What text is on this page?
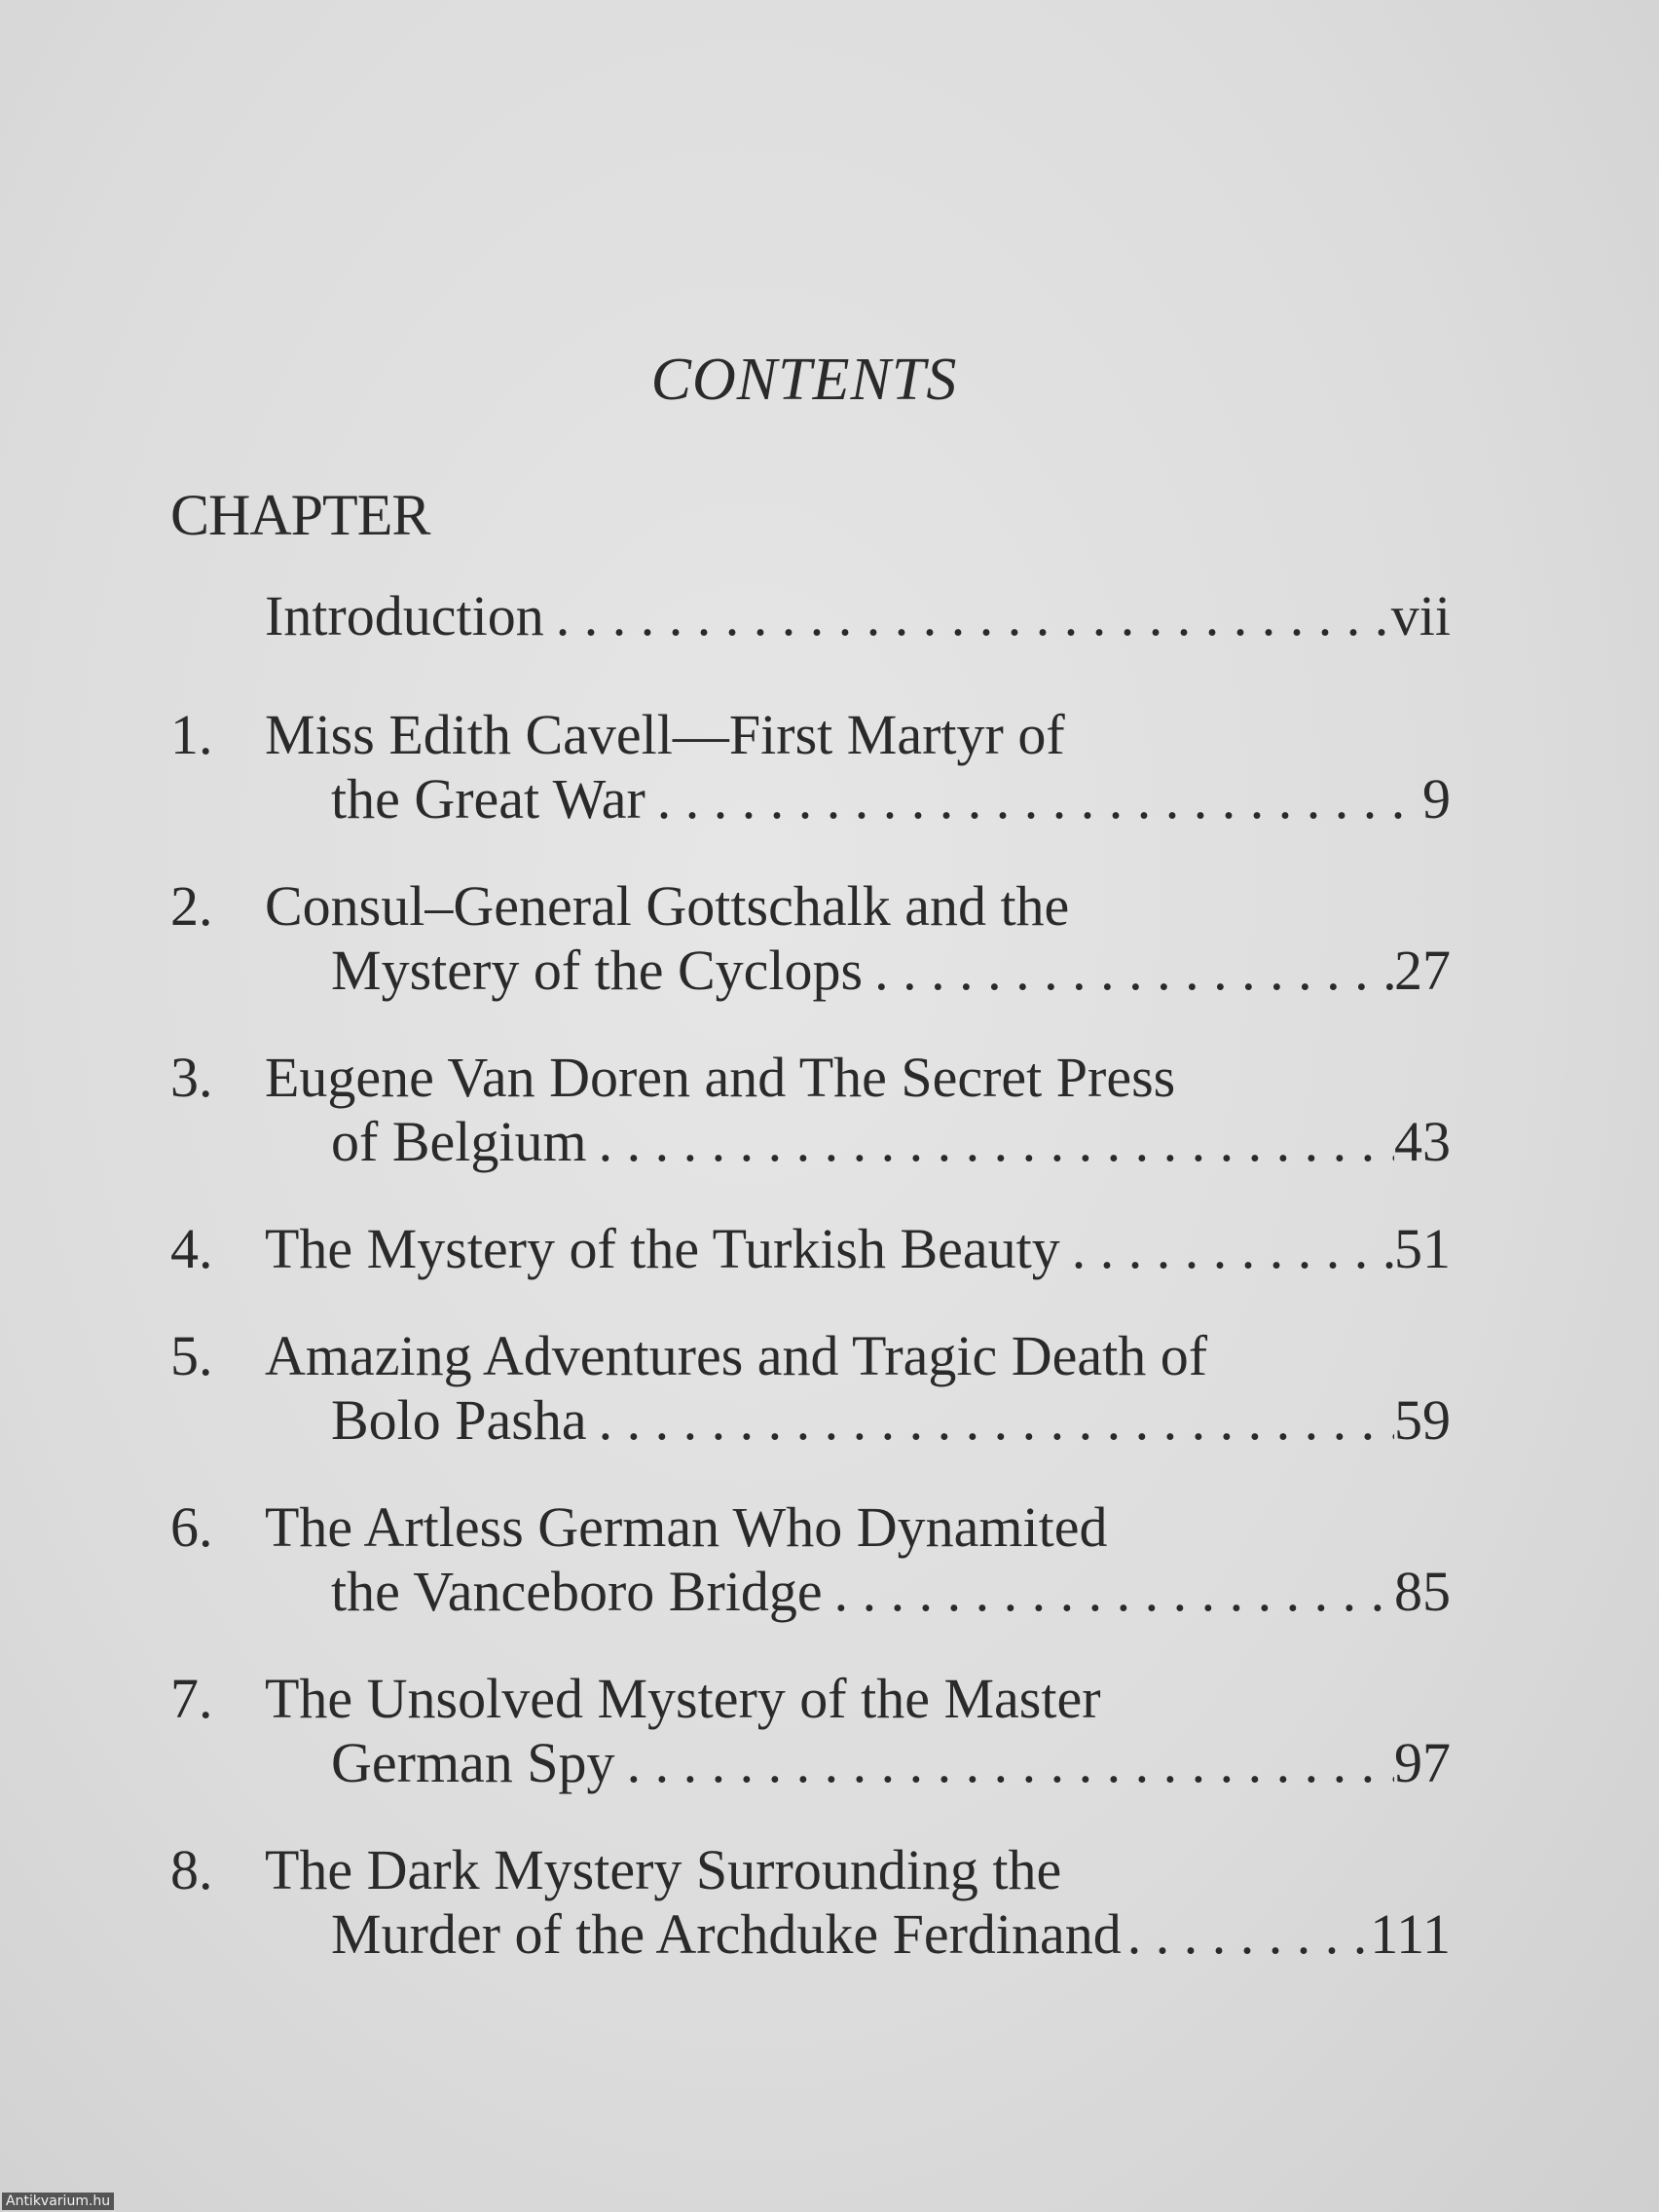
CONTENTS
CHAPTER
Introduction . . .	vii
1. Miss Edith Cavell—First Martyr of
the Great War . . .	9
2. Consul–General Gottschalk and the
Mystery of the Cyclops . . .	27
3. Eugene Van Doren and The Secret Press
of Belgium . . .	43
4. The Mystery of the Turkish Beauty . . .	51
5. Amazing Adventures and Tragic Death of
Bolo Pasha . . .	59
6. The Artless German Who Dynamited
the Vanceboro Bridge . . .	85
7. The Unsolved Mystery of the Master
German Spy . . .	97
8. The Dark Mystery Surrounding the
Murder of the Archduke Ferdinand . . .	111
Antikvarium.hu
